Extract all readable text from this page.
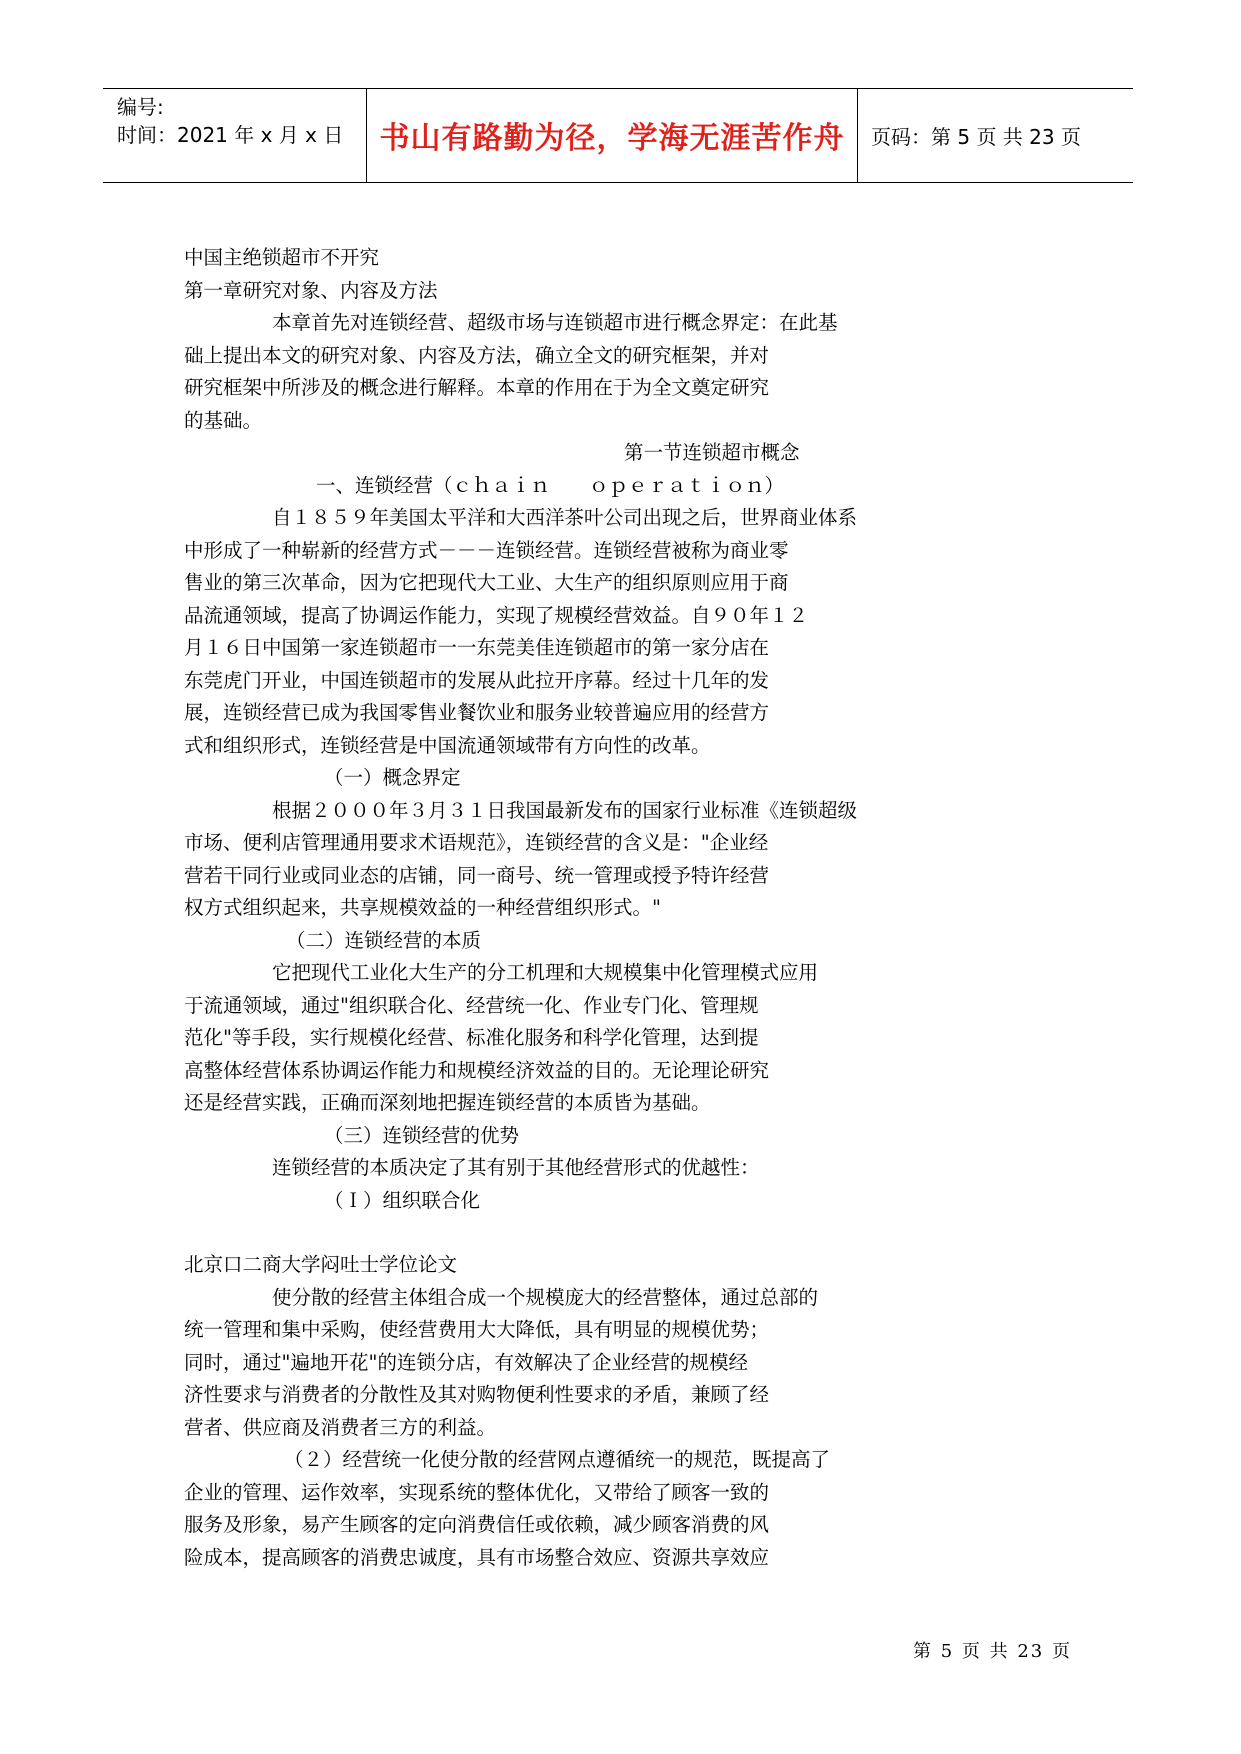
编号:
时间：2021 年 x 月 x 日	书山有路勤为径，学海无涯苦作舟	页码：第 5 页 共 23 页
中国主绝锁超市不开究
第一章研究对象、内容及方法
本章首先对连锁经营、超级市场与连锁超市进行概念界定：在此基
础上提出本文的研究对象、内容及方法，确立全文的研究框架，并对
研究框架中所涉及的概念进行解释。本章的作用在于为全文奠定研究
的基础。
第一节连锁超市概念
一、连锁经营（ｃｈａｉｎ　　ｏｐｅｒａｔｉｏｎ）
自１８５９年美国太平洋和大西洋茶叶公司出现之后，世界商业体系
中形成了一种崭新的经营方式－－－连锁经营。连锁经营被称为商业零
售业的第三次革命，因为它把现代大工业、大生产的组织原则应用于商
品流通领域，提高了协调运作能力，实现了规模经营效益。自９０年１２
月１６日中国第一家连锁超市一一东莞美佳连锁超市的第一家分店在
东莞虎门开业，中国连锁超市的发展从此拉开序幕。经过十几年的发
展，连锁经营已成为我国零售业餐饮业和服务业较普遍应用的经营方
式和组织形式，连锁经营是中国流通领域带有方向性的改革。
（一）概念界定
根据２０００年３月３１日我国最新发布的国家行业标准《连锁超级
市场、便利店管理通用要求术语规范》，连锁经营的含义是："企业经
营若干同行业或同业态的店铺，同一商号、统一管理或授予特许经营
权方式组织起来，共享规模效益的一种经营组织形式。"
（二）连锁经营的本质
它把现代工业化大生产的分工机理和大规模集中化管理模式应用
于流通领域，通过"组织联合化、经营统一化、作业专门化、管理规
范化"等手段，实行规模化经营、标准化服务和科学化管理，达到提
高整体经营体系协调运作能力和规模经济效益的目的。无论理论研究
还是经营实践，正确而深刻地把握连锁经营的本质皆为基础。
（三）连锁经营的优势
连锁经营的本质决定了其有别于其他经营形式的优越性：
（Ｉ）组织联合化
北京口二商大学闷吐士学位论文
使分散的经营主体组合成一个规模庞大的经营整体，通过总部的
统一管理和集中采购，使经营费用大大降低，具有明显的规模优势；
同时，通过"遍地开花"的连锁分店，有效解决了企业经营的规模经
济性要求与消费者的分散性及其对购物便利性要求的矛盾，兼顾了经
营者、供应商及消费者三方的利益。
（２）经营统一化使分散的经营网点遵循统一的规范，既提高了
企业的管理、运作效率，实现系统的整体优化，又带给了顾客一致的
服务及形象，易产生顾客的定向消费信任或依赖，减少顾客消费的风
险成本，提高顾客的消费忠诚度，具有市场整合效应、资源共享效应
第 5 页 共 23 页
